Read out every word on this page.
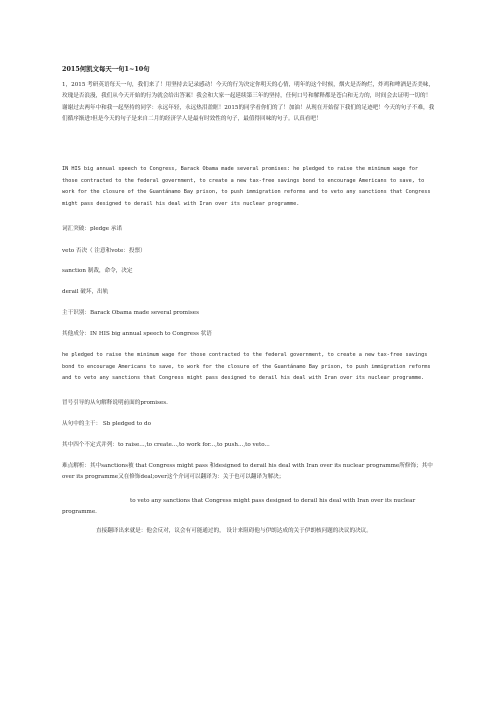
2015何凯文每天一句1~10句
1，2015 考研英语每天一句，我们来了！用坚持去记录感动！今天的行为决定你明天的心情，明年的这个时候，烟火是否绚烂，炸鸡和啤酒是否美味，玫瑰是否浪漫，我们从今天开始的行为就会给出答案！我会和大家一起延续第三年的坚持，任何口号和解释都是苍白和无力的，时间会去证明一切的！谢谢过去两年中和我一起坚持的同学：永远年轻，永远热泪盈眶！2015的同学看你们的了！加油！从现在开始留下我们的足迹吧！今天的句子不难，我们循序渐进!但是今天的句子是来自二月的经济学人是最有时效性的句子，最值得回味的句子。认真看吧！
IN HIS big annual speech to Congress, Barack Obama made several promises: he pledged to raise the minimum wage for those contracted to the federal government, to create a new tax-free savings bond to encourage Americans to save, to work for the closure of the Guantánamo Bay prison, to push immigration reforms and to veto any sanctions that Congress might pass designed to derail his deal with Iran over its nuclear programme.
词汇突破：pledge 承诺
veto 否决（ 注意和vote：投票）
sanction 制裁，命令，决定
derail 破坏，出轨
主干识别：Barack Obama made several promises
其他成分：IN HIS big annual speech to Congress 状语
he pledged to raise the minimum wage for those contracted to the federal government, to create a new tax-free savings bond to encourage Americans to save, to work for the closure of the Guantánamo Bay prison, to push immigration reforms and to veto any sanctions that Congress might pass designed to derail his deal with Iran over its nuclear programme.
冒号引导的从句解释说明前面的promises.
从句中的主干： Sb pledged to do
其中四个不定式并列：to raise...,to create...,to work for...,to push...,to veto...
难点解析：其中sanctions被 that Congress might pass 和designed to derail his deal with Iran over its nuclear programme所修饰；其中over its programme又在修饰deal;over这个介词可以翻译为：关于也可以翻译为解决；
to veto any sanctions that Congress might pass designed to derail his deal with Iran over its nuclear programme.
直接翻译出来就是：他会反对，议会有可能通过的， 设计来阻碍他与伊朗达成的关于伊朗核问题的决议的决议。
